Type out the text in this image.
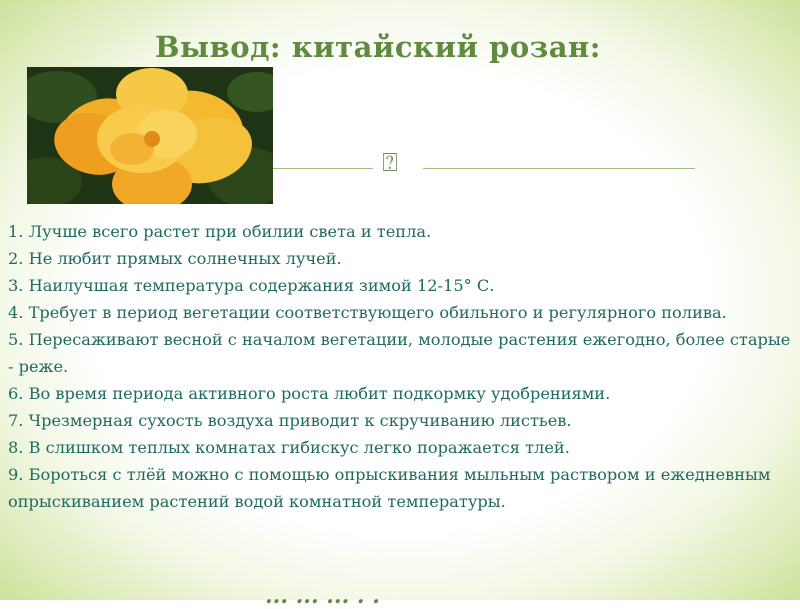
Вывод: китайский розан:
⍰
1. Лучше всего растет при обилии света и тепла.
2. Не любит прямых солнечных лучей.
3. Наилучшая температура содержания зимой 12-15° С.
4. Требует в период вегетации соответствующего обильного и регулярного полива.
5. Пересаживают весной с началом вегетации, молодые растения ежегодно, более старые - реже.
6. Во время периода активного роста любит подкормку удобрениями.
7. Чрезмерная сухость воздуха приводит к скручиванию листьев.
8. В слишком теплых комнатах гибискус легко поражается тлей.
9. Бороться с тлёй можно с помощью опрыскивания мыльным раствором и ежедневным опрыскиванием растений водой комнатной температуры.
... ... ... . .
